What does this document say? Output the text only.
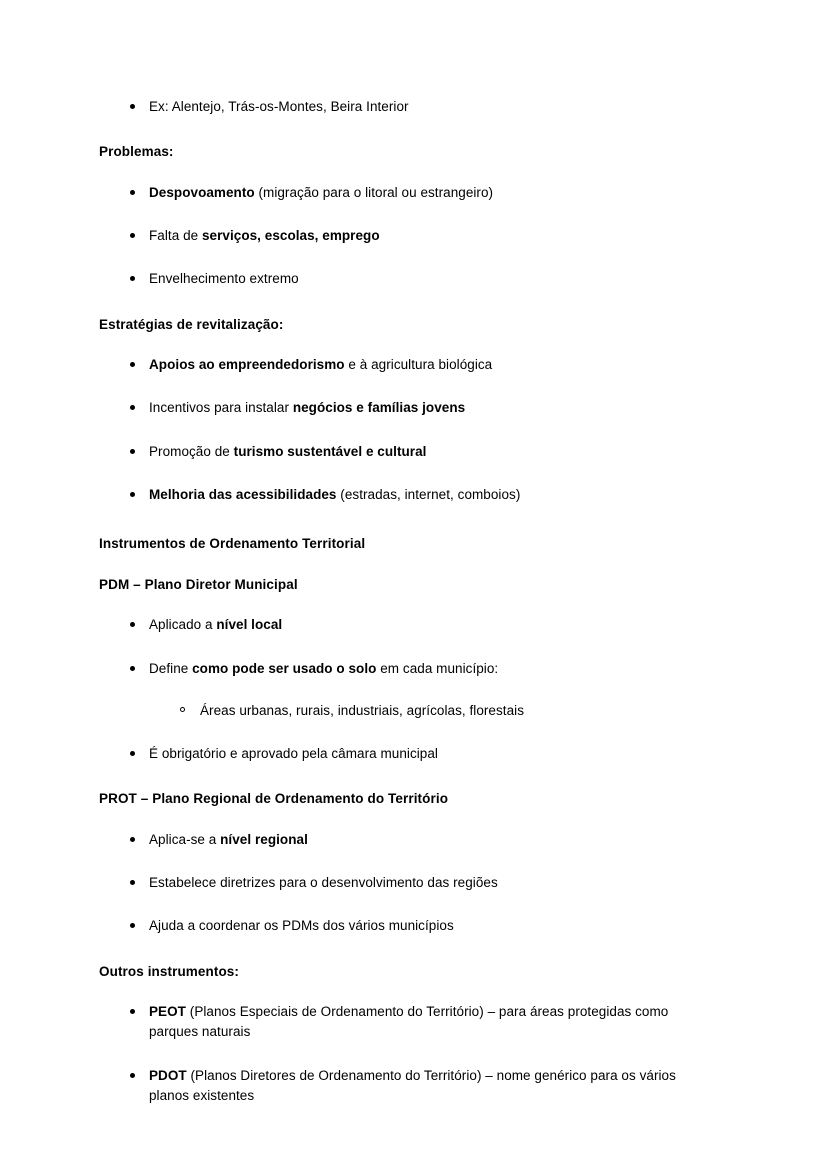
Ex: Alentejo, Trás-os-Montes, Beira Interior

Problemas:

Despovoamento (migração para o litoral ou estrangeiro)
Falta de serviços, escolas, emprego
Envelhecimento extremo

Estratégias de revitalização:

Apoios ao empreendedorismo e à agricultura biológica
Incentivos para instalar negócios e famílias jovens
Promoção de turismo sustentável e cultural
Melhoria das acessibilidades (estradas, internet, comboios)

Instrumentos de Ordenamento Territorial

PDM – Plano Diretor Municipal

Aplicado a nível local
Define como pode ser usado o solo em cada município:
Áreas urbanas, rurais, industriais, agrícolas, florestais
É obrigatório e aprovado pela câmara municipal

PROT – Plano Regional de Ordenamento do Território

Aplica-se a nível regional
Estabelece diretrizes para o desenvolvimento das regiões
Ajuda a coordenar os PDMs dos vários municípios

Outros instrumentos:

PEOT (Planos Especiais de Ordenamento do Território) – para áreas protegidas como parques naturais
PDOT (Planos Diretores de Ordenamento do Território) – nome genérico para os vários planos existentes
